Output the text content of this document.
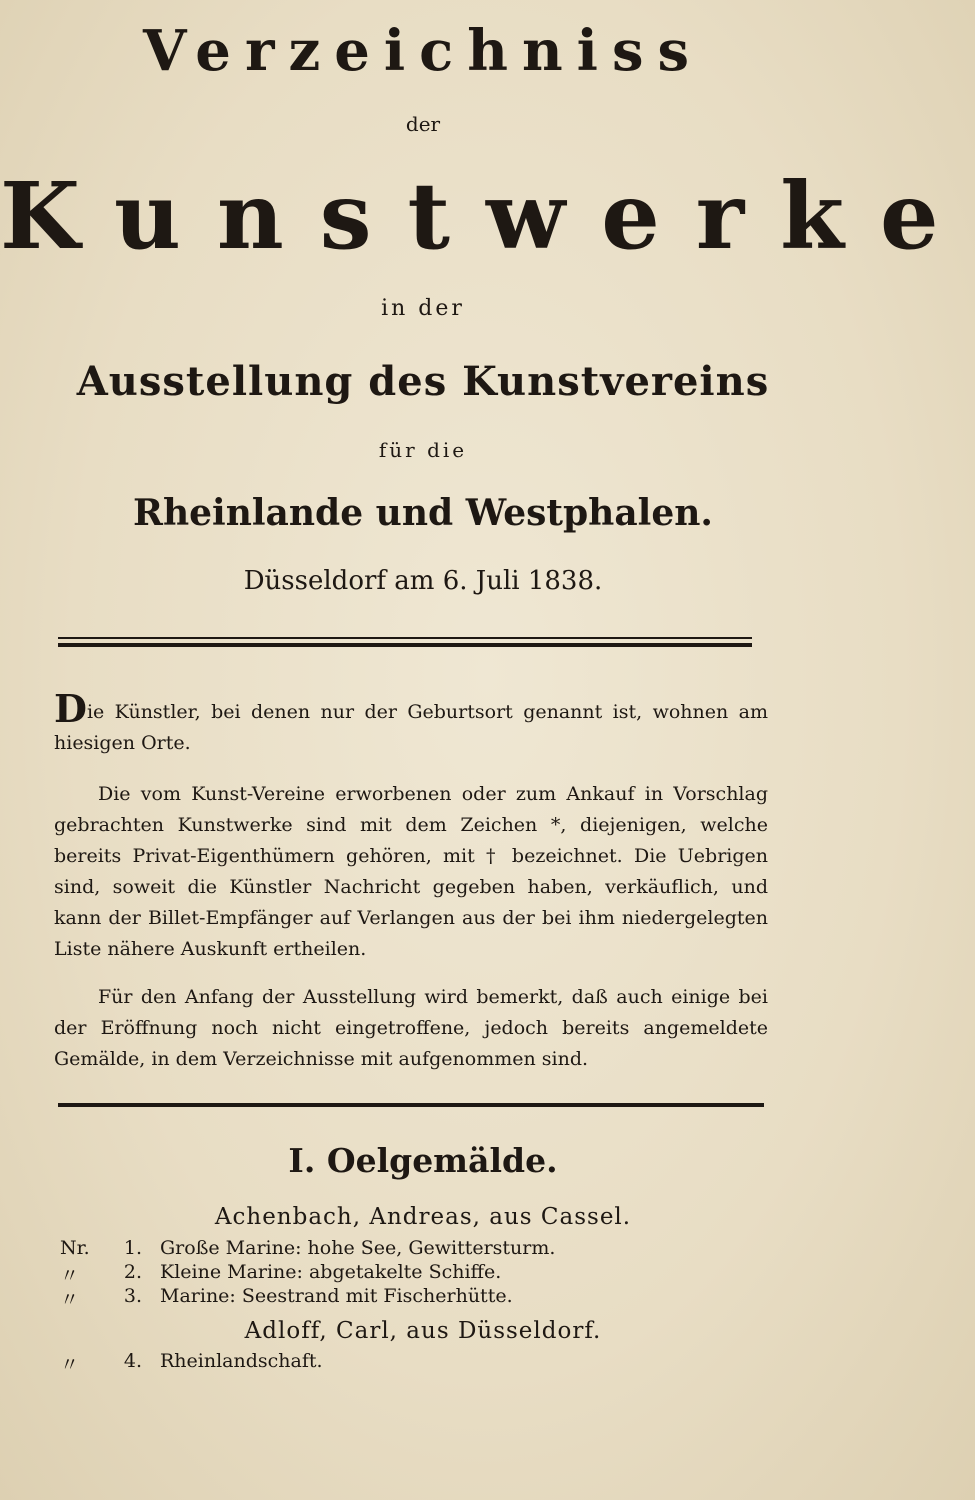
Verzeichniss
der
Kunstwerke
in der
Ausstellung des Kunstvereins
für die
Rheinlande und Westphalen.
Düsseldorf am 6. Juli 1838.
Die Künstler, bei denen nur der Geburtsort genannt ist, wohnen am hiesigen Orte.
Die vom Kunst-Vereine erworbenen oder zum Ankauf in Vorschlag gebrachten Kunstwerke sind mit dem Zeichen *, diejenigen, welche bereits Privat-Eigenthümern gehören, mit † bezeichnet. Die Uebrigen sind, soweit die Künstler Nachricht gegeben haben, verkäuflich, und kann der Billet-Empfänger auf Verlangen aus der bei ihm niedergelegten Liste nähere Auskunft ertheilen.
Für den Anfang der Ausstellung wird bemerkt, daß auch einige bei der Eröffnung noch nicht eingetroffene, jedoch bereits angemeldete Gemälde, in dem Verzeichnisse mit aufgenommen sind.
I. Oelgemälde.
Achenbach, Andreas, aus Cassel.
Nr.	1. Große Marine: hohe See, Gewittersturm.
〃	2. Kleine Marine: abgetakelte Schiffe.
〃	3. Marine: Seestrand mit Fischerhütte.
Adloff, Carl, aus Düsseldorf.
〃	4. Rheinlandschaft.
